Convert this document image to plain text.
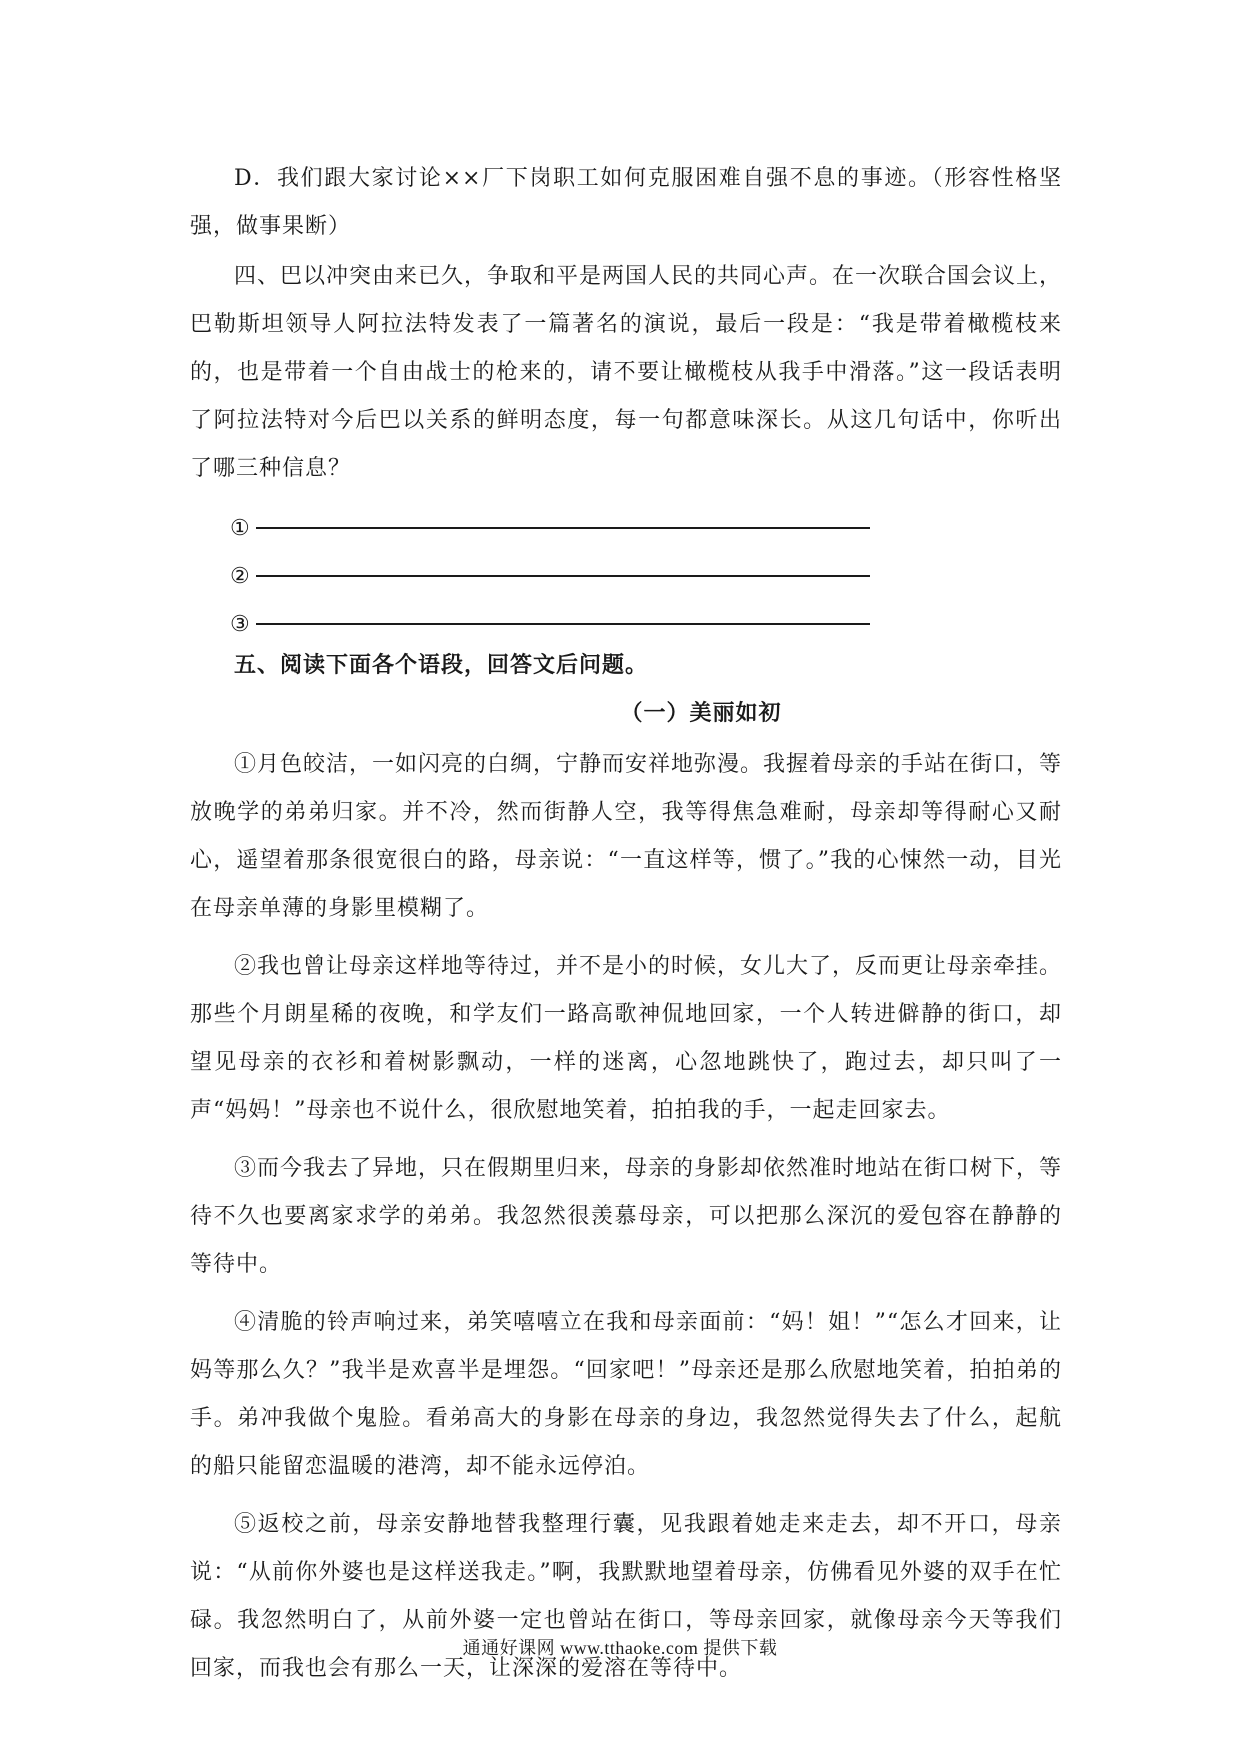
D．我们跟大家讨论××厂下岗职工如何克服困难自强不息的事迹。（形容性格坚强，做事果断）

四、巴以冲突由来已久，争取和平是两国人民的共同心声。在一次联合国会议上，巴勒斯坦领导人阿拉法特发表了一篇著名的演说，最后一段是：“我是带着橄榄枝来的，也是带着一个自由战士的枪来的，请不要让橄榄枝从我手中滑落。”这一段话表明了阿拉法特对今后巴以关系的鲜明态度，每一句都意味深长。从这几句话中，你听出了哪三种信息？

①
②
③

五、阅读下面各个语段，回答文后问题。

（一）美丽如初

①月色皎洁，一如闪亮的白绸，宁静而安祥地弥漫。我握着母亲的手站在街口，等放晚学的弟弟归家。并不冷，然而街静人空，我等得焦急难耐，母亲却等得耐心又耐心，遥望着那条很宽很白的路，母亲说：“一直这样等，惯了。”我的心悚然一动，目光在母亲单薄的身影里模糊了。

②我也曾让母亲这样地等待过，并不是小的时候，女儿大了，反而更让母亲牵挂。那些个月朗星稀的夜晚，和学友们一路高歌神侃地回家，一个人转进僻静的街口，却望见母亲的衣衫和着树影飘动，一样的迷离，心忽地跳快了，跑过去，却只叫了一声“妈妈！”母亲也不说什么，很欣慰地笑着，拍拍我的手，一起走回家去。

③而今我去了异地，只在假期里归来，母亲的身影却依然准时地站在街口树下，等待不久也要离家求学的弟弟。我忽然很羡慕母亲，可以把那么深沉的爱包容在静静的等待中。

④清脆的铃声响过来，弟笑嘻嘻立在我和母亲面前：“妈！姐！”“怎么才回来，让妈等那么久？”我半是欢喜半是埋怨。“回家吧！”母亲还是那么欣慰地笑着，拍拍弟的手。弟冲我做个鬼脸。看弟高大的身影在母亲的身边，我忽然觉得失去了什么，起航的船只能留恋温暖的港湾，却不能永远停泊。

⑤返校之前，母亲安静地替我整理行囊，见我跟着她走来走去，却不开口，母亲说：“从前你外婆也是这样送我走。”啊，我默默地望着母亲，仿佛看见外婆的双手在忙碌。我忽然明白了，从前外婆一定也曾站在街口，等母亲回家，就像母亲今天等我们回家，而我也会有那么一天，让深深的爱溶在等待中。

通通好课网 www.tthaoke.com 提供下载
